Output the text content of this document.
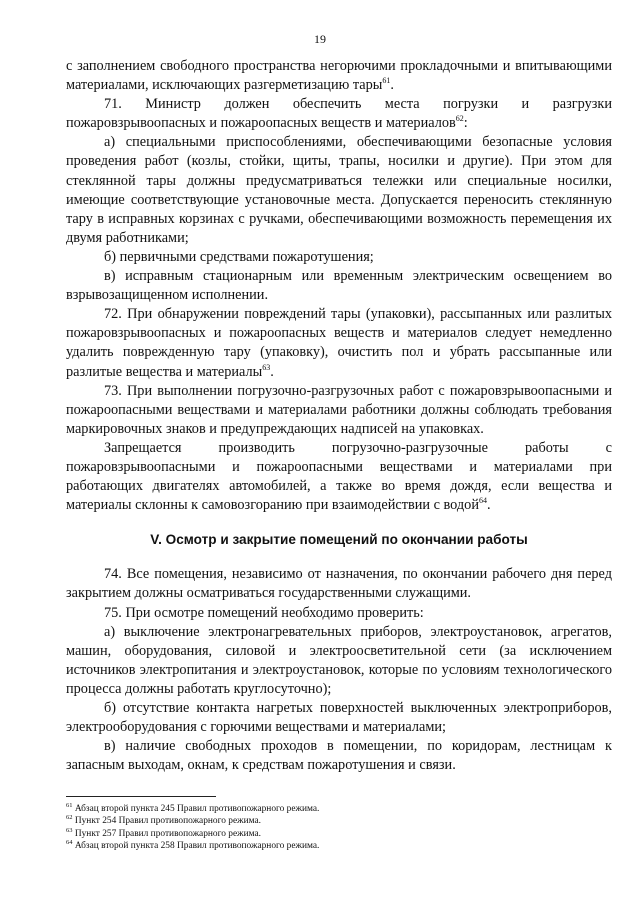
19

с заполнением свободного пространства негорючими прокладочными и впитывающими материалами, исключающих разгерметизацию тары$^{61}$.

71. Министр должен обеспечить места погрузки и разгрузки пожаровзрывоопасных и пожароопасных веществ и материалов$^{62}$:

а) специальными приспособлениями, обеспечивающими безопасные условия проведения работ (козлы, стойки, щиты, трапы, носилки и другие). При этом для стеклянной тары должны предусматриваться тележки или специальные носилки, имеющие соответствующие установочные места. Допускается переносить стеклянную тару в исправных корзинах с ручками, обеспечивающими возможность перемещения их двумя работниками;

б) первичными средствами пожаротушения;

в) исправным стационарным или временным электрическим освещением во взрывозащищенном исполнении.

72. При обнаружении повреждений тары (упаковки), рассыпанных или разлитых пожаровзрывоопасных и пожароопасных веществ и материалов следует немедленно удалить поврежденную тару (упаковку), очистить пол и убрать рассыпанные или разлитые вещества и материалы$^{63}$.

73. При выполнении погрузочно-разгрузочных работ с пожаровзрывоопасными и пожароопасными веществами и материалами работники должны соблюдать требования маркировочных знаков и предупреждающих надписей на упаковках.

Запрещается производить погрузочно-разгрузочные работы с пожаровзрывоопасными и пожароопасными веществами и материалами при работающих двигателях автомобилей, а также во время дождя, если вещества и материалы склонны к самовозгоранию при взаимодействии с водой$^{64}$.

V. Осмотр и закрытие помещений по окончании работы

74. Все помещения, независимо от назначения, по окончании рабочего дня перед закрытием должны осматриваться государственными служащими.

75. При осмотре помещений необходимо проверить:

а) выключение электронагревательных приборов, электроустановок, агрегатов, машин, оборудования, силовой и электроосветительной сети (за исключением источников электропитания и электроустановок, которые по условиям технологического процесса должны работать круглосуточно);

б) отсутствие контакта нагретых поверхностей выключенных электроприборов, электрооборудования с горючими веществами и материалами;

в) наличие свободных проходов в помещении, по коридорам, лестницам к запасным выходам, окнам, к средствам пожаротушения и связи.

$^{61}$ Абзац второй пункта 245 Правил противопожарного режима.
$^{62}$ Пункт 254 Правил противопожарного режима.
$^{63}$ Пункт 257 Правил противопожарного режима.
$^{64}$ Абзац второй пункта 258 Правил противопожарного режима.
